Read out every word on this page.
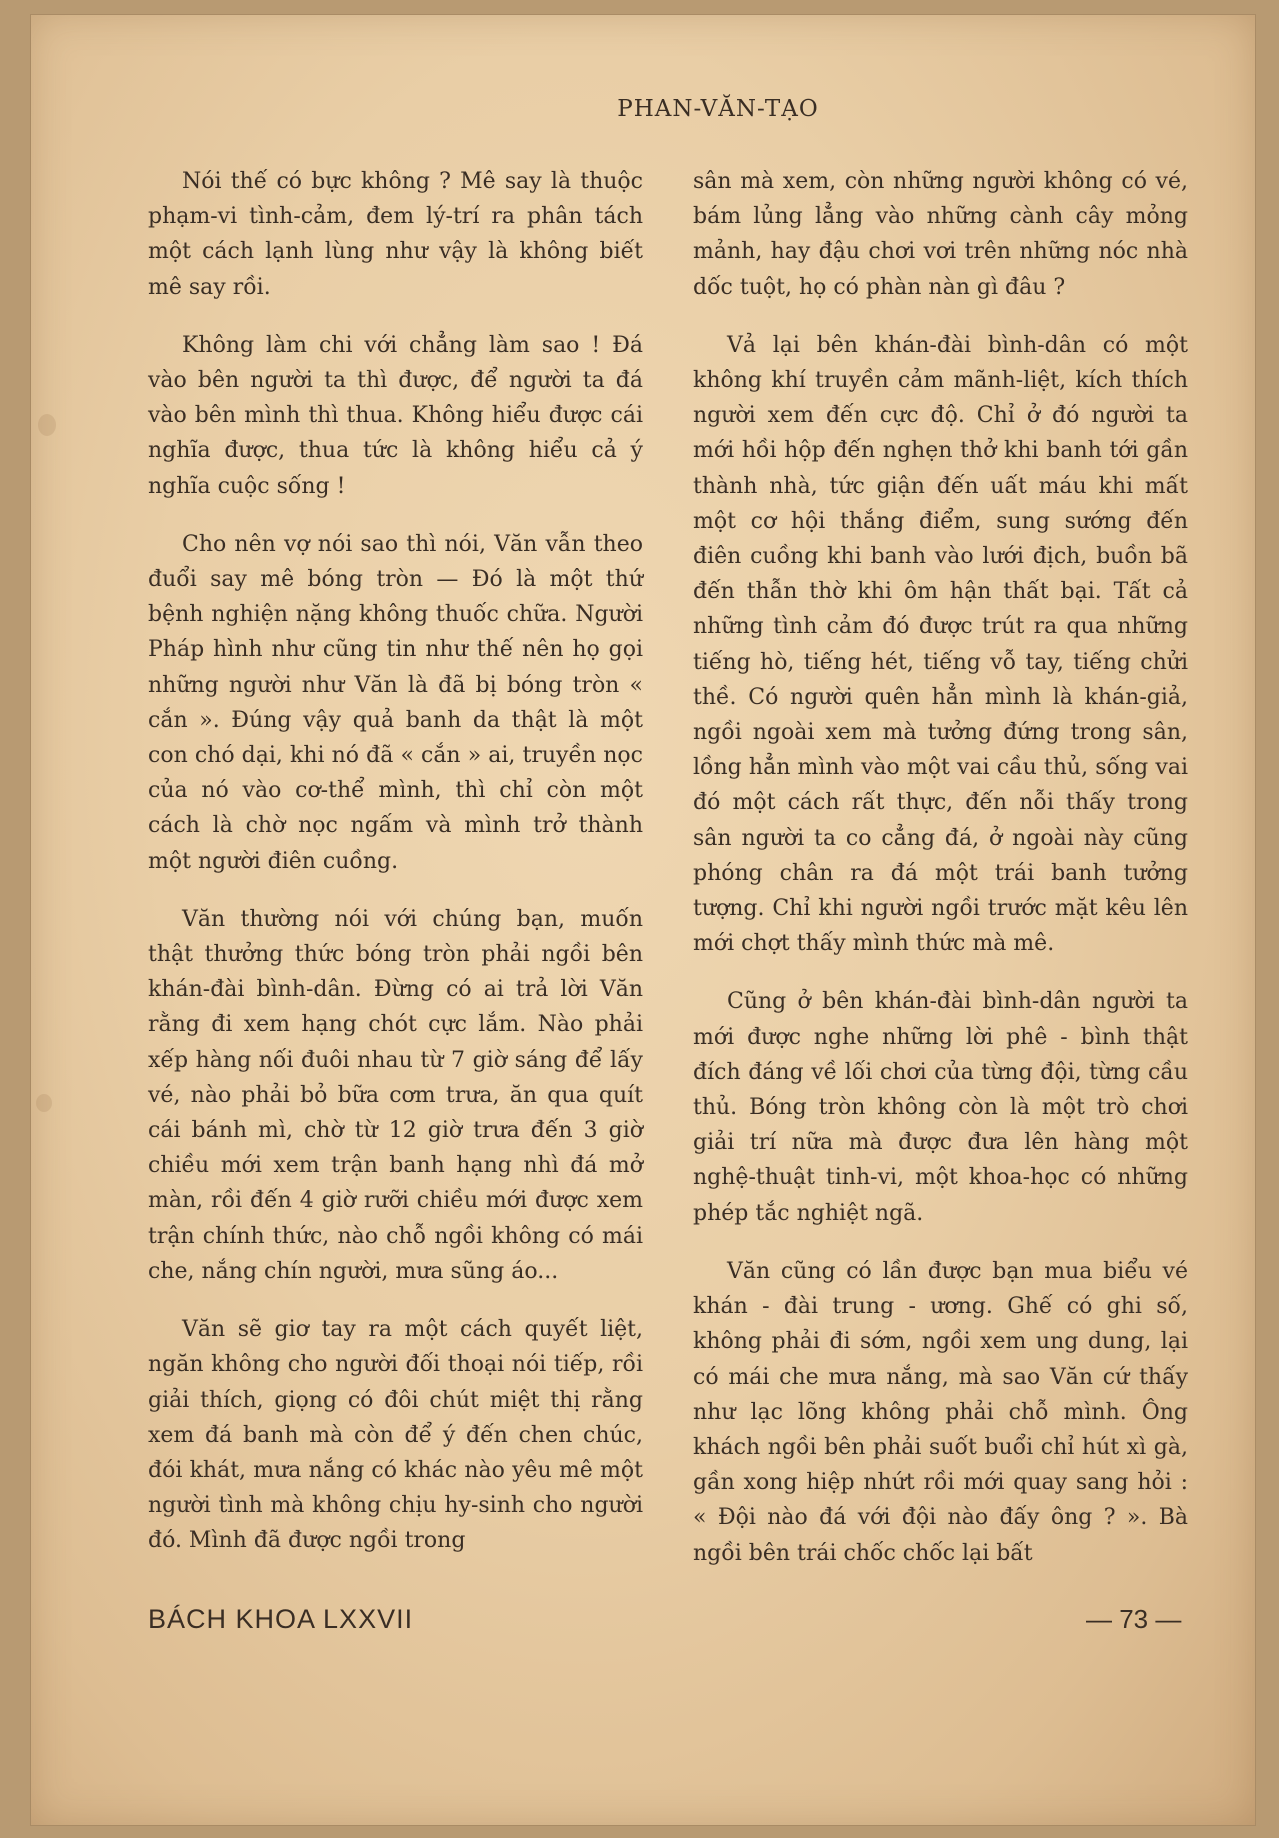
PHAN-VĂN-TẠO

Nói thế có bực không ? Mê say là thuộc phạm-vi tình-cảm, đem lý-trí ra phân tách một cách lạnh lùng như vậy là không biết mê say rồi.

Không làm chi với chẳng làm sao ! Đá vào bên người ta thì được, để người ta đá vào bên mình thì thua. Không hiểu được cái nghĩa được, thua tức là không hiểu cả ý nghĩa cuộc sống !

Cho nên vợ nói sao thì nói, Văn vẫn theo đuổi say mê bóng tròn — Đó là một thứ bệnh nghiện nặng không thuốc chữa. Người Pháp hình như cũng tin như thế nên họ gọi những người như Văn là đã bị bóng tròn « cắn ». Đúng vậy quả banh da thật là một con chó dại, khi nó đã « cắn » ai, truyền nọc của nó vào cơ-thể mình, thì chỉ còn một cách là chờ nọc ngấm và mình trở thành một người điên cuồng.

Văn thường nói với chúng bạn, muốn thật thưởng thức bóng tròn phải ngồi bên khán-đài bình-dân. Đừng có ai trả lời Văn rằng đi xem hạng chót cực lắm. Nào phải xếp hàng nối đuôi nhau từ 7 giờ sáng để lấy vé, nào phải bỏ bữa cơm trưa, ăn qua quít cái bánh mì, chờ từ 12 giờ trưa đến 3 giờ chiều mới xem trận banh hạng nhì đá mở màn, rồi đến 4 giờ rưỡi chiều mới được xem trận chính thức, nào chỗ ngồi không có mái che, nắng chín người, mưa sũng áo...

Văn sẽ giơ tay ra một cách quyết liệt, ngăn không cho người đối thoại nói tiếp, rồi giải thích, giọng có đôi chút miệt thị rằng xem đá banh mà còn để ý đến chen chúc, đói khát, mưa nắng có khác nào yêu mê một người tình mà không chịu hy-sinh cho người đó. Mình đã được ngồi trong

sân mà xem, còn những người không có vé, bám lủng lẳng vào những cành cây mỏng mảnh, hay đậu chơi vơi trên những nóc nhà dốc tuột, họ có phàn nàn gì đâu ?

Vả lại bên khán-đài bình-dân có một không khí truyền cảm mãnh-liệt, kích thích người xem đến cực độ. Chỉ ở đó người ta mới hồi hộp đến nghẹn thở khi banh tới gần thành nhà, tức giận đến uất máu khi mất một cơ hội thắng điểm, sung sướng đến điên cuồng khi banh vào lưới địch, buồn bã đến thẫn thờ khi ôm hận thất bại. Tất cả những tình cảm đó được trút ra qua những tiếng hò, tiếng hét, tiếng vỗ tay, tiếng chửi thề. Có người quên hẳn mình là khán-giả, ngồi ngoài xem mà tưởng đứng trong sân, lồng hẳn mình vào một vai cầu thủ, sống vai đó một cách rất thực, đến nỗi thấy trong sân người ta co cẳng đá, ở ngoài này cũng phóng chân ra đá một trái banh tưởng tượng. Chỉ khi người ngồi trước mặt kêu lên mới chợt thấy mình thức mà mê.

Cũng ở bên khán-đài bình-dân người ta mới được nghe những lời phê - bình thật đích đáng về lối chơi của từng đội, từng cầu thủ. Bóng tròn không còn là một trò chơi giải trí nữa mà được đưa lên hàng một nghệ-thuật tinh-vi, một khoa-học có những phép tắc nghiệt ngã.

Văn cũng có lần được bạn mua biểu vé khán - đài trung - ương. Ghế có ghi số, không phải đi sớm, ngồi xem ung dung, lại có mái che mưa nắng, mà sao Văn cứ thấy như lạc lõng không phải chỗ mình. Ông khách ngồi bên phải suốt buổi chỉ hút xì gà, gần xong hiệp nhứt rồi mới quay sang hỏi : « Đội nào đá với đội nào đấy ông ? ». Bà ngồi bên trái chốc chốc lại bất

BÁCH KHOA LXXVII	— 73 —
